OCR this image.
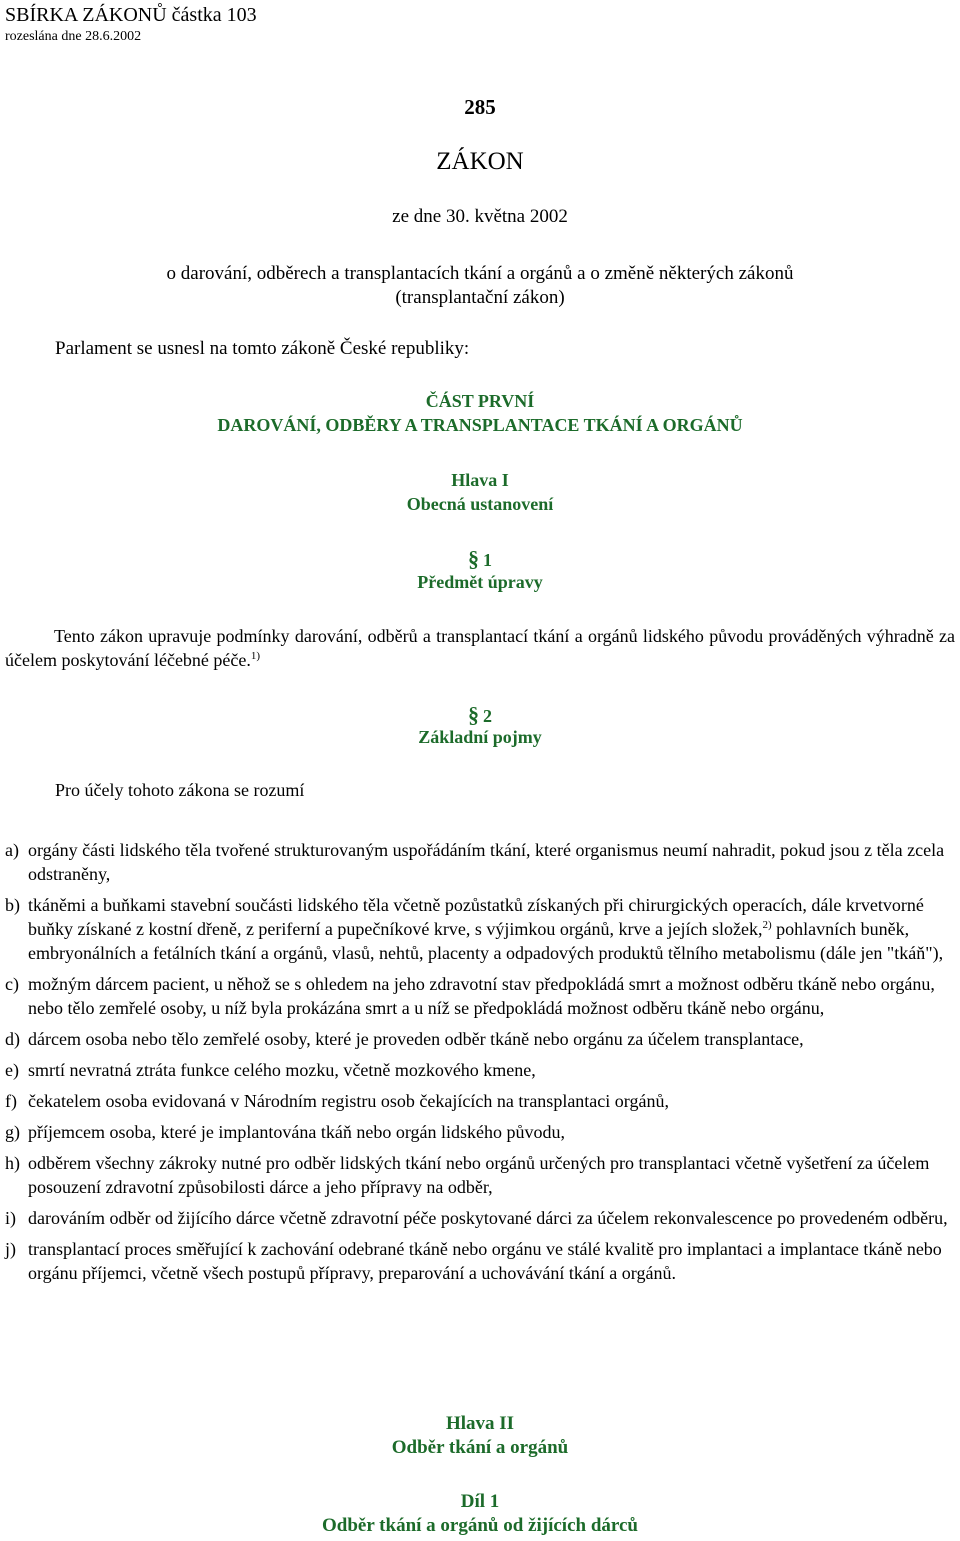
SBÍRKA ZÁKONŮ částka 103
rozeslána dne 28.6.2002
285
ZÁKON
ze dne 30. května 2002
o darování, odběrech a transplantacích tkání a orgánů a o změně některých zákonů
(transplantační zákon)
Parlament se usnesl na tomto zákoně České republiky:
ČÁST PRVNÍ
DAROVÁNÍ, ODBĚRY A TRANSPLANTACE TKÁNÍ A ORGÁNŮ
Hlava I
Obecná ustanovení
§ 1
Předmět úpravy
Tento zákon upravuje podmínky darování, odběrů a transplantací tkání a orgánů lidského původu prováděných výhradně za účelem poskytování léčebné péče.$^{1)}$
§ 2
Základní pojmy
Pro účely tohoto zákona se rozumí
a) orgány části lidského těla tvořené strukturovaným uspořádáním tkání, které organismus neumí nahradit, pokud jsou z těla zcela odstraněny,
b) tkáněmi a buňkami stavební součásti lidského těla včetně pozůstatků získaných při chirurgických operacích, dále krvetvorné buňky získané z kostní dřeně, z periferní a pupečníkové krve, s výjimkou orgánů, krve a jejích složek,$^{2)}$ pohlavních buněk, embryonálních a fetálních tkání a orgánů, vlasů, nehtů, placenty a odpadových produktů tělního metabolismu (dále jen "tkáň"),
c) možným dárcem pacient, u něhož se s ohledem na jeho zdravotní stav předpokládá smrt a možnost odběru tkáně nebo orgánu, nebo tělo zemřelé osoby, u níž byla prokázána smrt a u níž se předpokládá možnost odběru tkáně nebo orgánu,
d) dárcem osoba nebo tělo zemřelé osoby, které je proveden odběr tkáně nebo orgánu za účelem transplantace,
e) smrtí nevratná ztráta funkce celého mozku, včetně mozkového kmene,
f) čekatelem osoba evidovaná v Národním registru osob čekajících na transplantaci orgánů,
g) příjemcem osoba, které je implantována tkáň nebo orgán lidského původu,
h) odběrem všechny zákroky nutné pro odběr lidských tkání nebo orgánů určených pro transplantaci včetně vyšetření za účelem posouzení zdravotní způsobilosti dárce a jeho přípravy na odběr,
i) darováním odběr od žijícího dárce včetně zdravotní péče poskytované dárci za účelem rekonvalescence po provedeném odběru,
j) transplantací proces směřující k zachování odebrané tkáně nebo orgánu ve stálé kvalitě pro implantaci a implantace tkáně nebo orgánu příjemci, včetně všech postupů přípravy, preparování a uchovávání tkání a orgánů.
Hlava II
Odběr tkání a orgánů
Díl 1
Odběr tkání a orgánů od žijících dárců
